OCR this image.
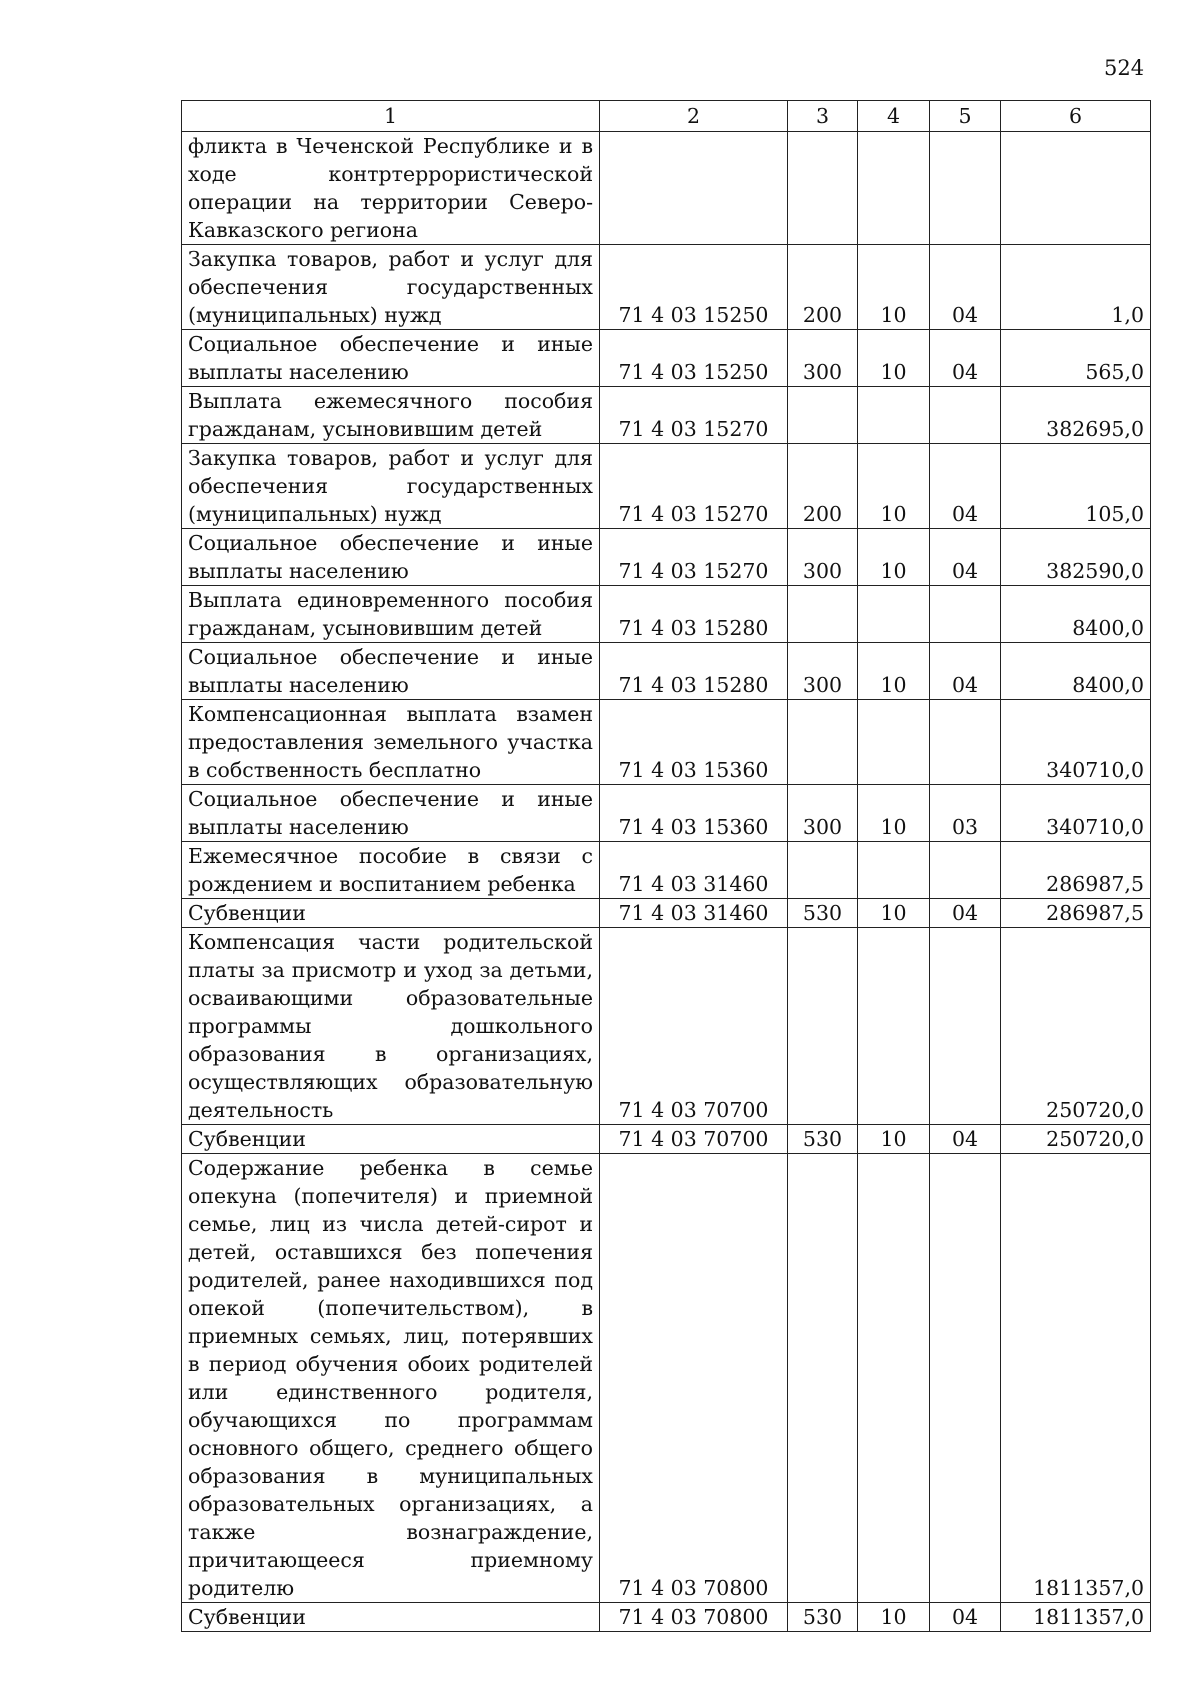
524
1	2	3	4	5	6

фликта в Чеченской Республике и в ходе контртеррористической операции на территории Северо-Кавказского региона					

Закупка товаров, работ и услуг для обеспечения государственных (муниципальных) нужд	71 4 03 15250	200	10	04	1,0

Социальное обеспечение и иные выплаты населению	71 4 03 15250	300	10	04	565,0

Выплата ежемесячного пособия гражданам, усыновившим детей	71 4 03 15270				382695,0

Закупка товаров, работ и услуг для обеспечения государственных (муниципальных) нужд	71 4 03 15270	200	10	04	105,0

Социальное обеспечение и иные выплаты населению	71 4 03 15270	300	10	04	382590,0

Выплата единовременного пособия гражданам, усыновившим детей	71 4 03 15280				8400,0

Социальное обеспечение и иные выплаты населению	71 4 03 15280	300	10	04	8400,0

Компенсационная выплата взамен предоставления земельного участка в собственность бесплатно	71 4 03 15360				340710,0

Социальное обеспечение и иные выплаты населению	71 4 03 15360	300	10	03	340710,0

Ежемесячное пособие в связи с рождением и воспитанием ребенка	71 4 03 31460				286987,5

Субвенции	71 4 03 31460	530	10	04	286987,5

Компенсация части родительской платы за присмотр и уход за детьми, осваивающими образовательные программы дошкольного образования в организациях, осуществляющих образовательную деятельность	71 4 03 70700				250720,0

Субвенции	71 4 03 70700	530	10	04	250720,0

Содержание ребенка в семье опекуна (попечителя) и приемной семье, лиц из числа детей-сирот и детей, оставшихся без попечения родителей, ранее находившихся под опекой (попечительством), в приемных семьях, лиц, потерявших в период обучения обоих родителей или единственного родителя, обучающихся по программам основного общего, среднего общего образования в муниципальных образовательных организациях, а также вознаграждение, причитающееся приемному родителю	71 4 03 70800				1811357,0

Субвенции	71 4 03 70800	530	10	04	1811357,0
